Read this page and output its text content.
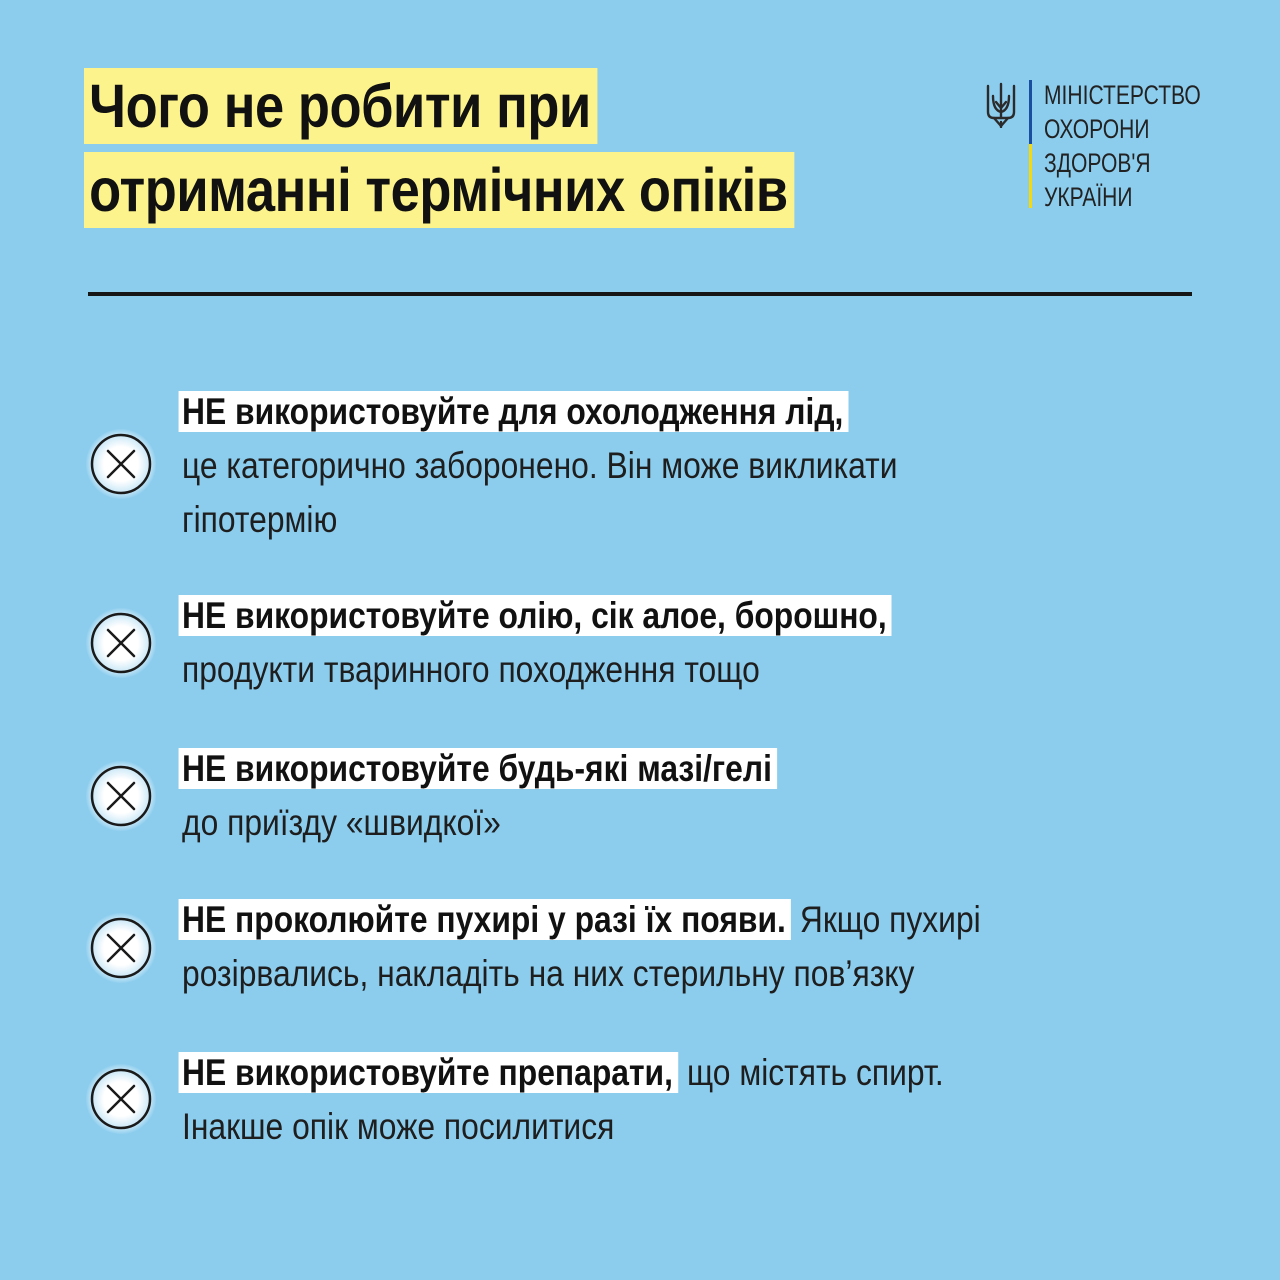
Чого не робити при
отриманні термічних опіків
МІНІСТЕРСТВО
ОХОРОНИ
ЗДОРОВ'Я
УКРАЇНИ
НЕ використовуйте для охолодження лід,
це категорично заборонено. Він може викликати
гіпотермію
НЕ використовуйте олію, сік алое, борошно,
продукти тваринного походження тощо
НЕ використовуйте будь-які мазі/гелі
до приїзду «швидкої»
НЕ проколюйте пухирі у разі їх появи. Якщо пухирі
розірвались, накладіть на них стерильну пов’язку
НЕ використовуйте препарати, що містять спирт.
Інакше опік може посилитися
